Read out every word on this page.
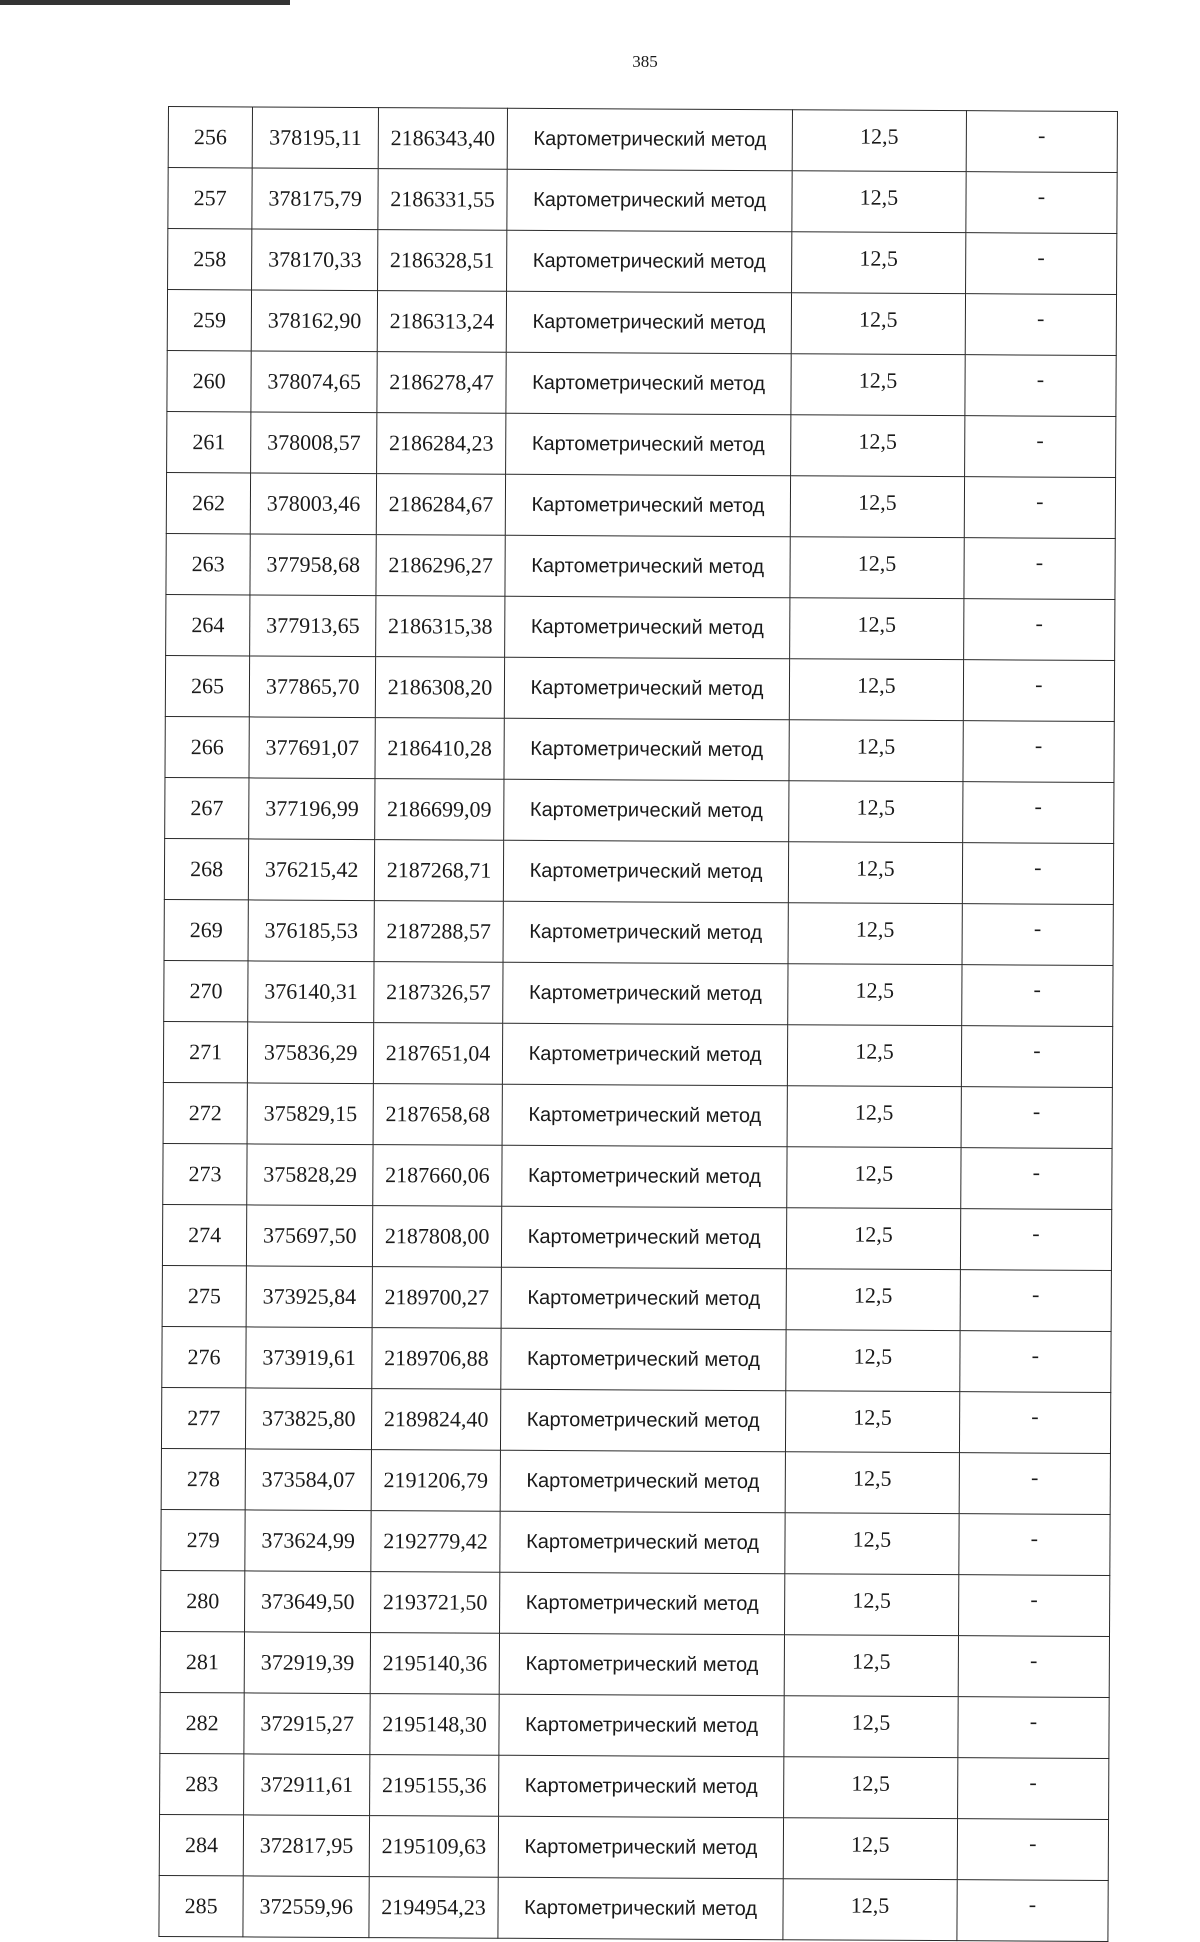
385
256	378195,11	2186343,40	Картометрический метод	12,5	-
257	378175,79	2186331,55	Картометрический метод	12,5	-
258	378170,33	2186328,51	Картометрический метод	12,5	-
259	378162,90	2186313,24	Картометрический метод	12,5	-
260	378074,65	2186278,47	Картометрический метод	12,5	-
261	378008,57	2186284,23	Картометрический метод	12,5	-
262	378003,46	2186284,67	Картометрический метод	12,5	-
263	377958,68	2186296,27	Картометрический метод	12,5	-
264	377913,65	2186315,38	Картометрический метод	12,5	-
265	377865,70	2186308,20	Картометрический метод	12,5	-
266	377691,07	2186410,28	Картометрический метод	12,5	-
267	377196,99	2186699,09	Картометрический метод	12,5	-
268	376215,42	2187268,71	Картометрический метод	12,5	-
269	376185,53	2187288,57	Картометрический метод	12,5	-
270	376140,31	2187326,57	Картометрический метод	12,5	-
271	375836,29	2187651,04	Картометрический метод	12,5	-
272	375829,15	2187658,68	Картометрический метод	12,5	-
273	375828,29	2187660,06	Картометрический метод	12,5	-
274	375697,50	2187808,00	Картометрический метод	12,5	-
275	373925,84	2189700,27	Картометрический метод	12,5	-
276	373919,61	2189706,88	Картометрический метод	12,5	-
277	373825,80	2189824,40	Картометрический метод	12,5	-
278	373584,07	2191206,79	Картометрический метод	12,5	-
279	373624,99	2192779,42	Картометрический метод	12,5	-
280	373649,50	2193721,50	Картометрический метод	12,5	-
281	372919,39	2195140,36	Картометрический метод	12,5	-
282	372915,27	2195148,30	Картометрический метод	12,5	-
283	372911,61	2195155,36	Картометрический метод	12,5	-
284	372817,95	2195109,63	Картометрический метод	12,5	-
285	372559,96	2194954,23	Картометрический метод	12,5	-
